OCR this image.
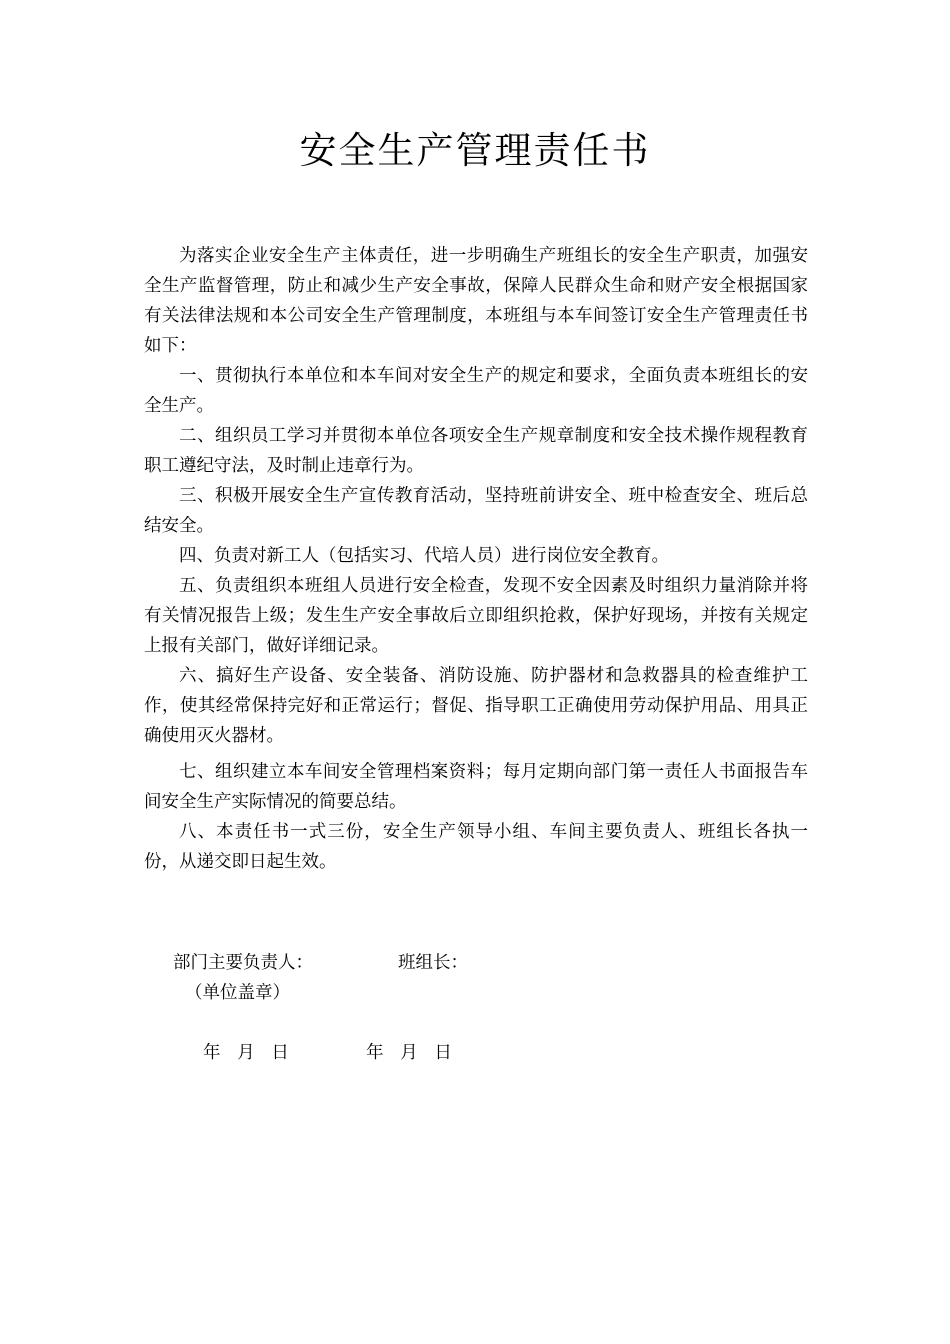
安全生产管理责任书

为落实企业安全生产主体责任，进一步明确生产班组长的安全生产职责，加强安全生产监督管理，防止和减少生产安全事故，保障人民群众生命和财产安全根据国家有关法律法规和本公司安全生产管理制度，本班组与本车间签订安全生产管理责任书如下：

一、贯彻执行本单位和本车间对安全生产的规定和要求，全面负责本班组长的安全生产。

二、组织员工学习并贯彻本单位各项安全生产规章制度和安全技术操作规程教育职工遵纪守法，及时制止违章行为。

三、积极开展安全生产宣传教育活动，坚持班前讲安全、班中检查安全、班后总结安全。

四、负责对新工人（包括实习、代培人员）进行岗位安全教育。

五、负责组织本班组人员进行安全检查，发现不安全因素及时组织力量消除并将有关情况报告上级；发生生产安全事故后立即组织抢救，保护好现场，并按有关规定上报有关部门，做好详细记录。

六、搞好生产设备、安全装备、消防设施、防护器材和急救器具的检查维护工作，使其经常保持完好和正常运行；督促、指导职工正确使用劳动保护用品、用具正确使用灭火器材。

七、组织建立本车间安全管理档案资料；每月定期向部门第一责任人书面报告车间安全生产实际情况的简要总结。

八、本责任书一式三份，安全生产领导小组、车间主要负责人、班组长各执一份，从递交即日起生效。

部门主要负责人：	班组长：
（单位盖章）
年   月   日	年   月   日
